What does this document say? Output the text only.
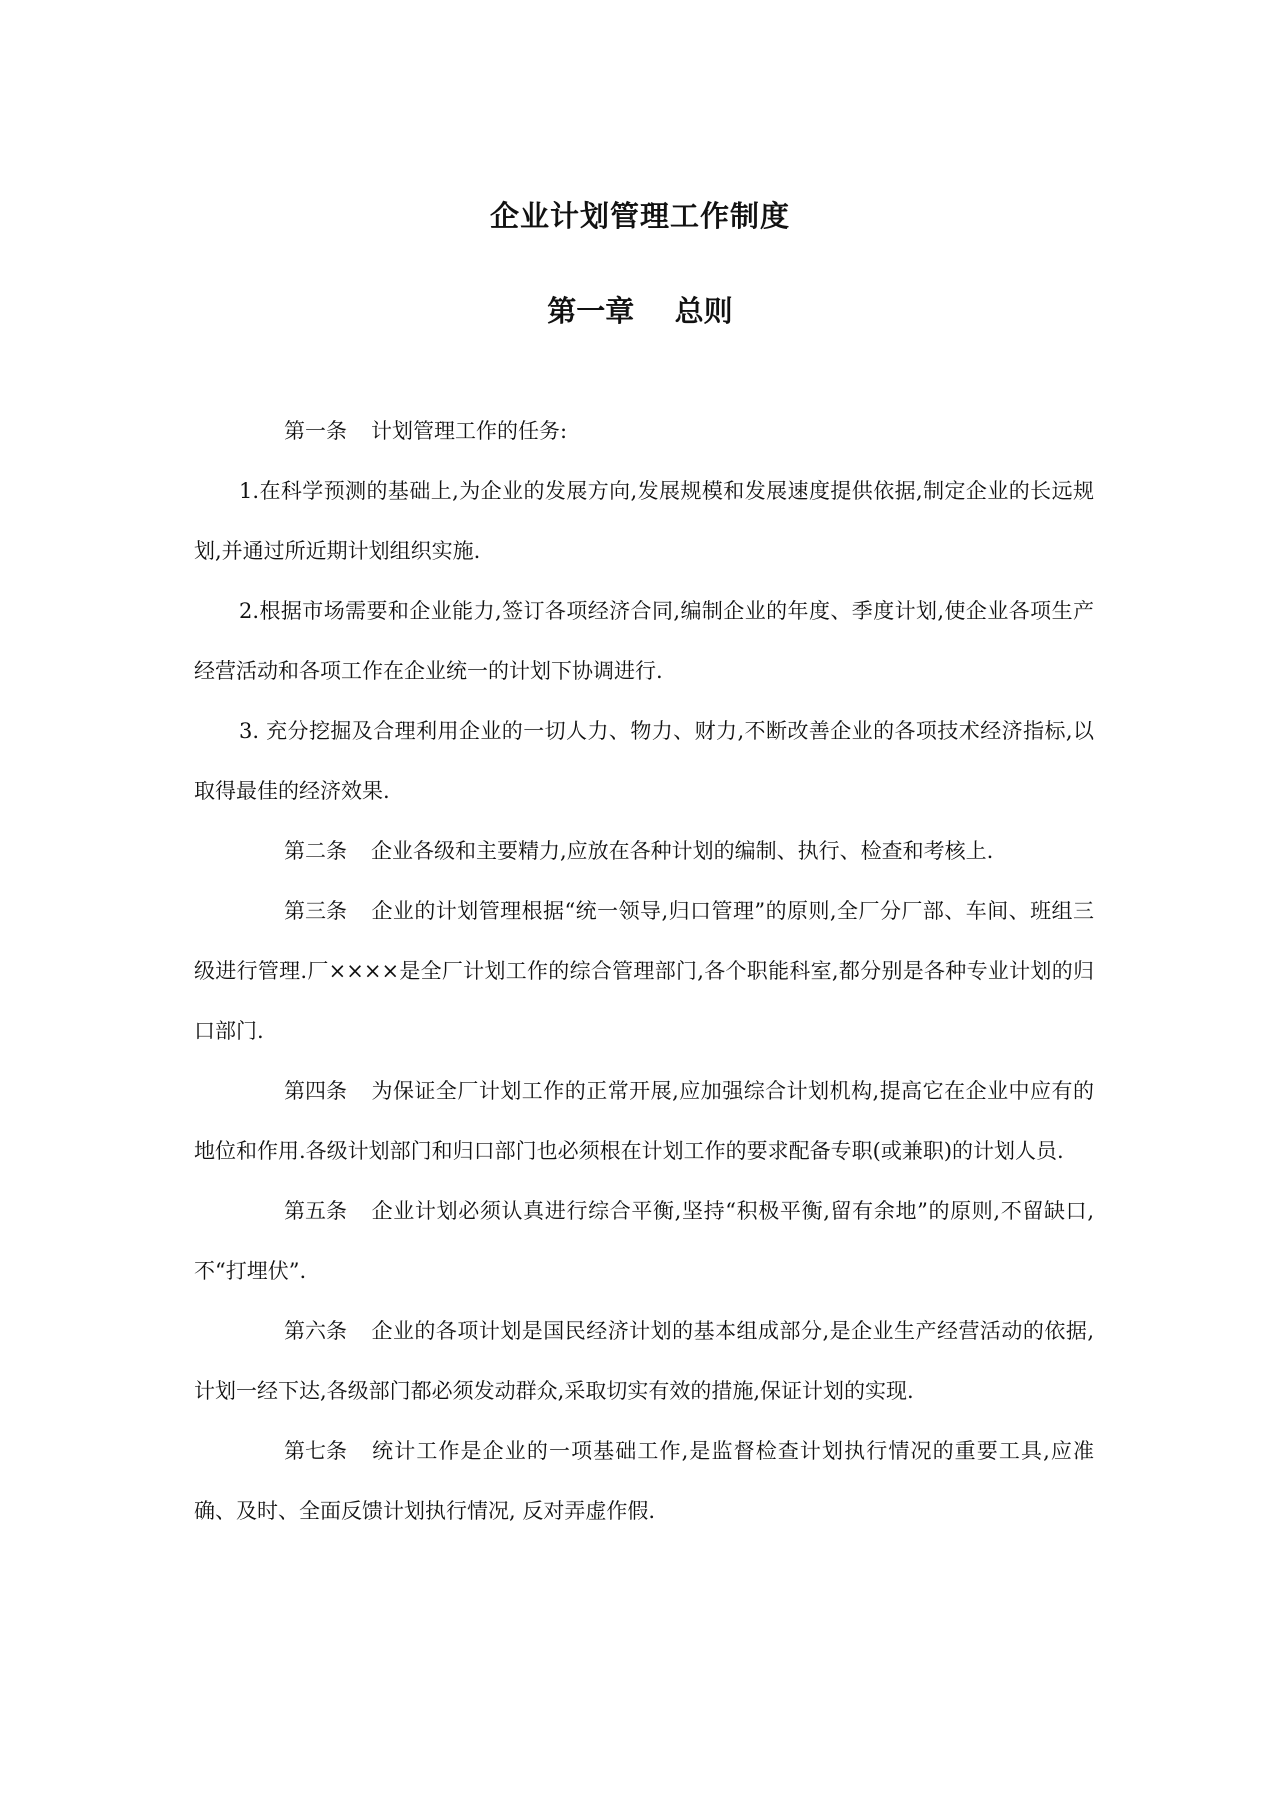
企业计划管理工作制度
第一章    总则

第一条 计划管理工作的任务:

1.在科学预测的基础上,为企业的发展方向,发展规模和发展速度提供依据,制定企业的长远规划,并通过所近期计划组织实施.

2.根据市场需要和企业能力,签订各项经济合同,编制企业的年度、季度计划,使企业各项生产经营活动和各项工作在企业统一的计划下协调进行.

3. 充分挖掘及合理利用企业的一切人力、物力、财力,不断改善企业的各项技术经济指标,以取得最佳的经济效果.

第二条 企业各级和主要精力,应放在各种计划的编制、执行、检查和考核上.

第三条 企业的计划管理根据“统一领导,归口管理”的原则,全厂分厂部、车间、班组三级进行管理.厂××××是全厂计划工作的综合管理部门,各个职能科室,都分别是各种专业计划的归口部门.

第四条 为保证全厂计划工作的正常开展,应加强综合计划机构,提高它在企业中应有的地位和作用.各级计划部门和归口部门也必须根在计划工作的要求配备专职(或兼职)的计划人员.

第五条 企业计划必须认真进行综合平衡,坚持“积极平衡,留有余地”的原则,不留缺口,不“打埋伏”.

第六条 企业的各项计划是国民经济计划的基本组成部分,是企业生产经营活动的依据,计划一经下达,各级部门都必须发动群众,采取切实有效的措施,保证计划的实现.

第七条 统计工作是企业的一项基础工作,是监督检查计划执行情况的重要工具,应准确、及时、全面反馈计划执行情况, 反对弄虚作假.
